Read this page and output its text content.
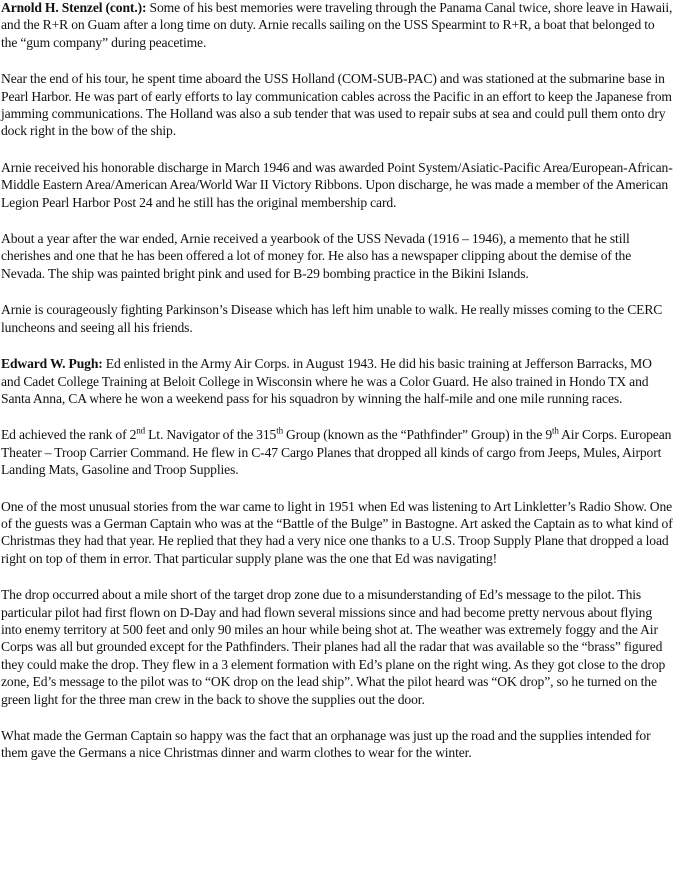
Arnold H. Stenzel (cont.): Some of his best memories were traveling through the Panama Canal twice, shore leave in Hawaii, and the R+R on Guam after a long time on duty. Arnie recalls sailing on the USS Spearmint to R+R, a boat that belonged to the “gum company” during peacetime.

Near the end of his tour, he spent time aboard the USS Holland (COM-SUB-PAC) and was stationed at the submarine base in Pearl Harbor. He was part of early efforts to lay communication cables across the Pacific in an effort to keep the Japanese from jamming communications. The Holland was also a sub tender that was used to repair subs at sea and could pull them onto dry dock right in the bow of the ship.

Arnie received his honorable discharge in March 1946 and was awarded Point System/Asiatic-Pacific Area/European-African-Middle Eastern Area/American Area/World War II Victory Ribbons. Upon discharge, he was made a member of the American Legion Pearl Harbor Post 24 and he still has the original membership card.

About a year after the war ended, Arnie received a yearbook of the USS Nevada (1916 – 1946), a memento that he still cherishes and one that he has been offered a lot of money for. He also has a newspaper clipping about the demise of the Nevada. The ship was painted bright pink and used for B-29 bombing practice in the Bikini Islands.

Arnie is courageously fighting Parkinson’s Disease which has left him unable to walk. He really misses coming to the CERC luncheons and seeing all his friends.

Edward W. Pugh: Ed enlisted in the Army Air Corps. in August 1943. He did his basic training at Jefferson Barracks, MO and Cadet College Training at Beloit College in Wisconsin where he was a Color Guard. He also trained in Hondo TX and Santa Anna, CA where he won a weekend pass for his squadron by winning the half-mile and one mile running races.

Ed achieved the rank of 2nd Lt. Navigator of the 315th Group (known as the “Pathfinder” Group) in the 9th Air Corps. European Theater – Troop Carrier Command. He flew in C-47 Cargo Planes that dropped all kinds of cargo from Jeeps, Mules, Airport Landing Mats, Gasoline and Troop Supplies.

One of the most unusual stories from the war came to light in 1951 when Ed was listening to Art Linkletter’s Radio Show. One of the guests was a German Captain who was at the “Battle of the Bulge” in Bastogne. Art asked the Captain as to what kind of Christmas they had that year. He replied that they had a very nice one thanks to a U.S. Troop Supply Plane that dropped a load right on top of them in error. That particular supply plane was the one that Ed was navigating!

The drop occurred about a mile short of the target drop zone due to a misunderstanding of Ed’s message to the pilot. This particular pilot had first flown on D-Day and had flown several missions since and had become pretty nervous about flying into enemy territory at 500 feet and only 90 miles an hour while being shot at. The weather was extremely foggy and the Air Corps was all but grounded except for the Pathfinders. Their planes had all the radar that was available so the “brass” figured they could make the drop. They flew in a 3 element formation with Ed’s plane on the right wing. As they got close to the drop zone, Ed’s message to the pilot was to “OK drop on the lead ship”. What the pilot heard was “OK drop”, so he turned on the green light for the three man crew in the back to shove the supplies out the door.

What made the German Captain so happy was the fact that an orphanage was just up the road and the supplies intended for them gave the Germans a nice Christmas dinner and warm clothes to wear for the winter.
